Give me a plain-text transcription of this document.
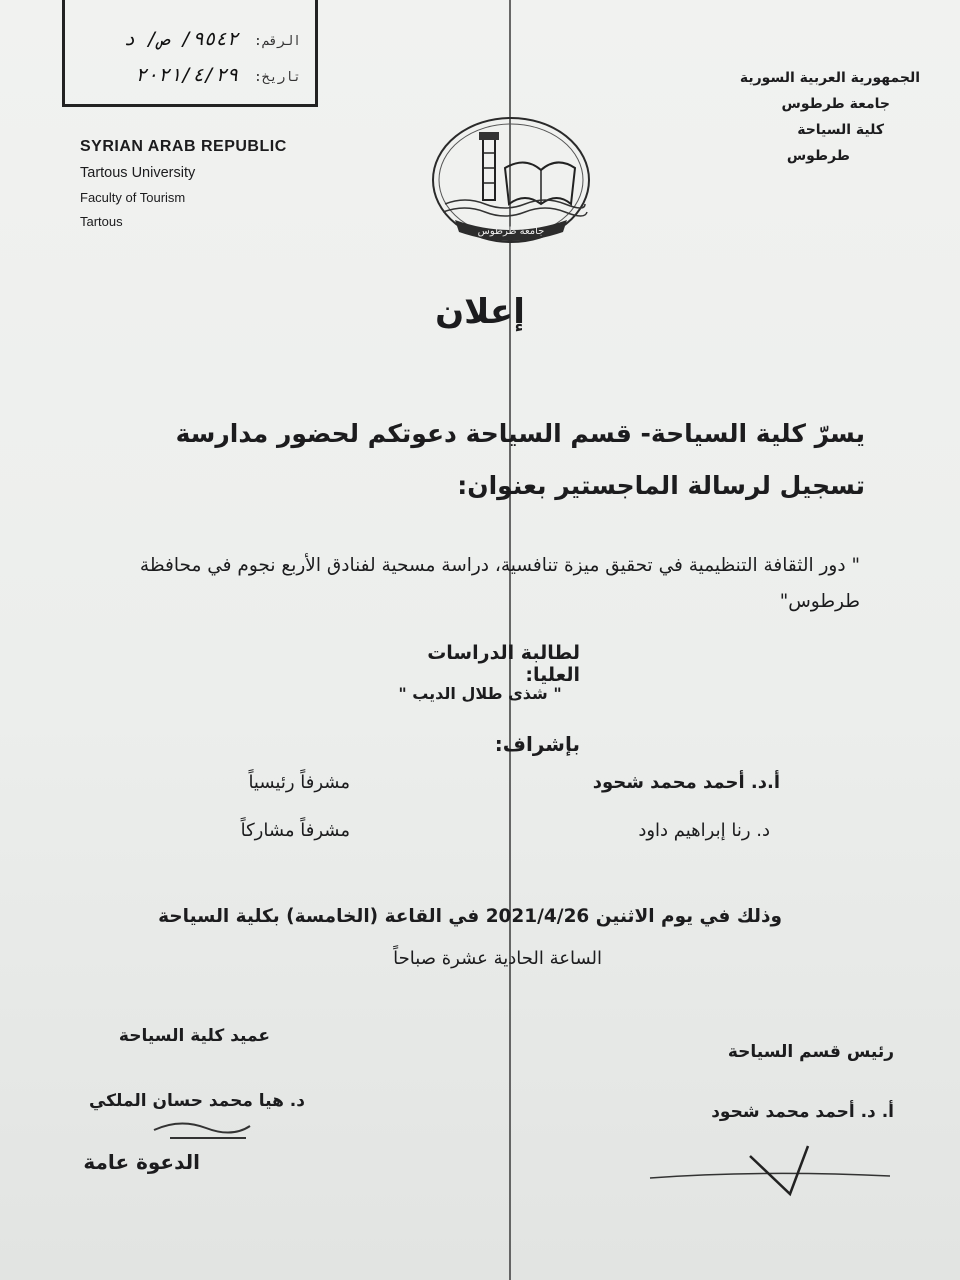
الرقم: ٩٥٤٢/ ص/ د
تاريخ: ٢٠٢١/٤/٢٩
SYRIAN ARAB REPUBLIC
Tartous University
Faculty of Tourism
Tartous
الجمهورية العربية السورية
جامعة طرطوس
كلية السياحة
طرطوس
جامعة طرطوس
إعلان
يسرّ كلية السياحة- قسم السياحة دعوتكم لحضور مدارسة تسجيل لرسالة الماجستير بعنوان:
" دور الثقافة التنظيمية في تحقيق ميزة تنافسية، دراسة مسحية لفنادق الأربع نجوم في محافظة طرطوس"
لطالبة الدراسات العليا:
" شذى طلال الديب "
بإشراف:
أ.د. أحمد محمد شحود
مشرفاً رئيسياً
د. رنا إبراهيم داود
مشرفاً مشاركاً
وذلك في يوم الاثنين 2021/4/26 في القاعة (الخامسة) بكلية السياحة
الساعة الحادية عشرة صباحاً
عميد كلية السياحة
د. هيا محمد حسان الملكي
الدعوة عامة
رئيس قسم السياحة
أ. د. أحمد محمد شحود
